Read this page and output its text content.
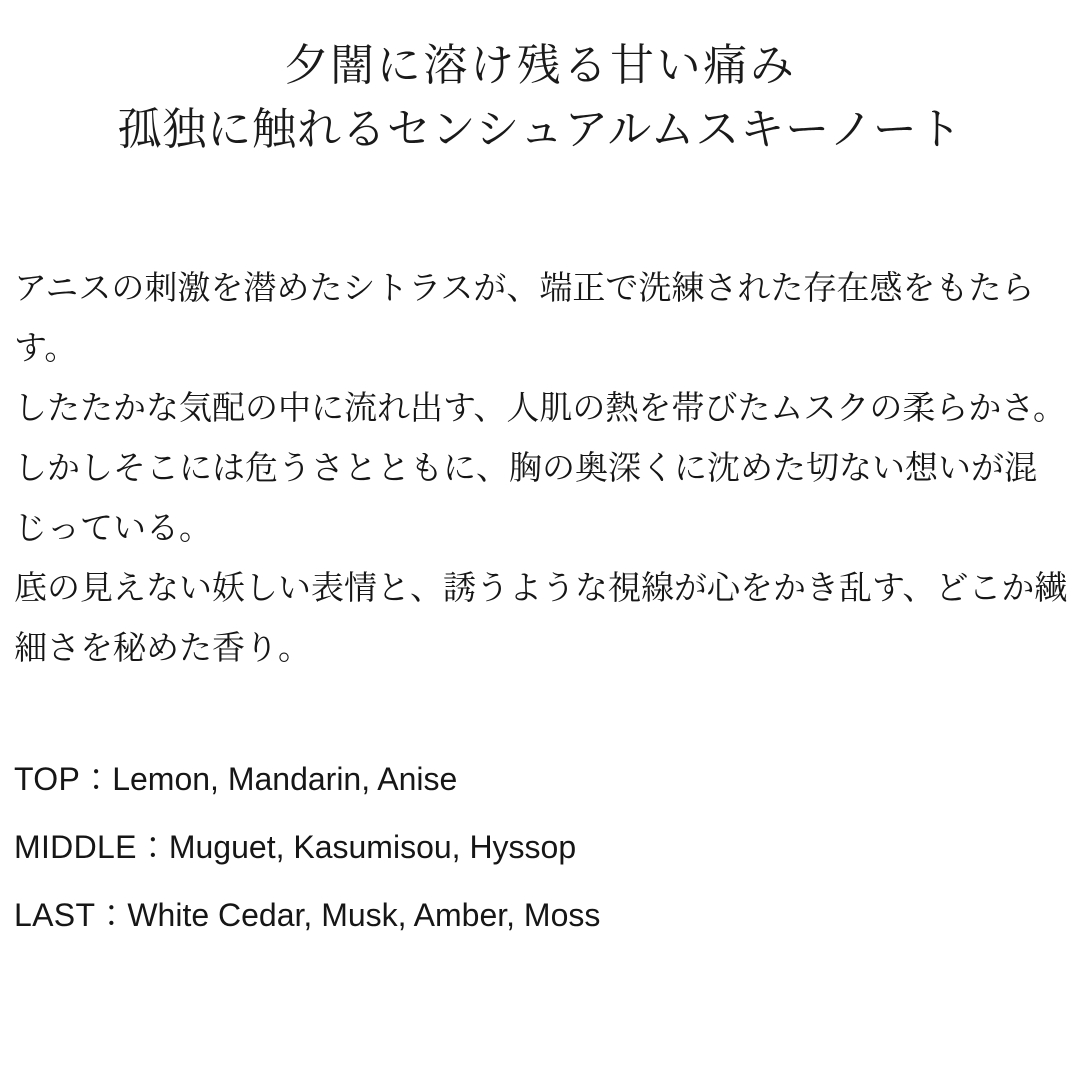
夕闇に溶け残る甘い痛み
孤独に触れるセンシュアルムスキーノート

アニスの刺激を潜めたシトラスが、端正で洗練された存在感をもたらす。

したたかな気配の中に流れ出す、人肌の熱を帯びたムスクの柔らかさ。しかしそこには危うさとともに、胸の奥深くに沈めた切ない想いが混じっている。

底の見えない妖しい表情と、誘うような視線が心をかき乱す、どこか繊細さを秘めた香り。

TOP：Lemon, Mandarin, Anise
MIDDLE：Muguet, Kasumisou, Hyssop
LAST：White Cedar, Musk, Amber, Moss
